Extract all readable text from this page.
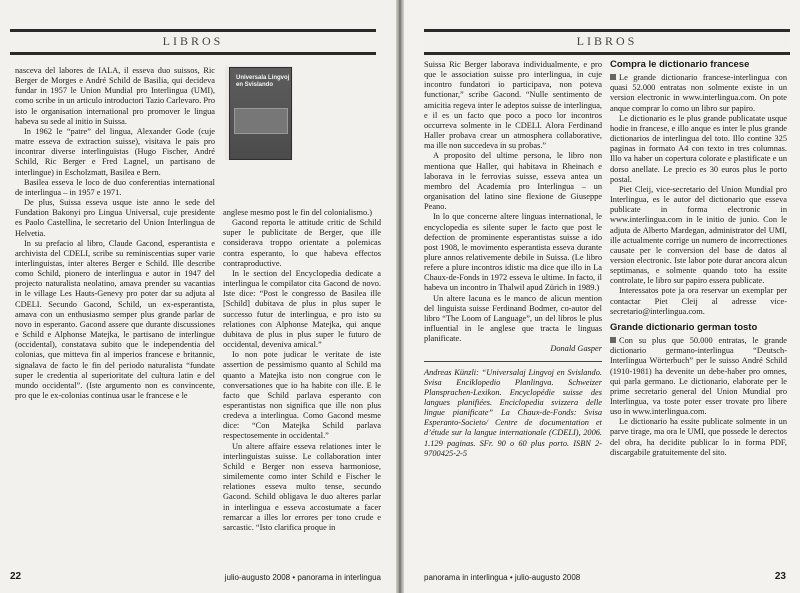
LIBROS

nasceva del labores de IALA, il esseva duo suissos, Ric Berger de Morges e André Schild de Basilia, qui decideva fundar in 1957 le Union Mundial pro Interlingua (UMI), como scribe in un articulo introductori Tazio Carlevaro. Pro isto le organisation international pro promover le lingua habeva su sede al initio in Suissa.

In 1962 le “patre” del lingua, Alexander Gode (cuje matre esseva de extraction suisse), visitava le pais pro incontrar diverse interlinguistas (Hugo Fischer, André Schild, Ric Berger e Fred Lagnel, un partisano de interlingue) in Escholzmatt, Basilea e Bern.

Basilea esseva le loco de duo conferentias international de interlingua – in 1957 e 1971.

De plus, Suissa esseva usque iste anno le sede del Fundation Bakonyi pro Lingua Universal, cuje presidente es Paolo Castellina, le secretario del Union Interlingua de Helvetia.

In su prefacio al libro, Claude Gacond, esperantista e archivista del CDELI, scribe su reminiscentias super varie interlinguistas, inter alteres Berger e Schild. Ille describe como Schild, pionero de interlingua e autor in 1947 del projecto naturalista neolatino, amava prender su vacantias in le village Les Hauts-Genevy pro poter dar su adjuta al CDELI. Secundo Gacond, Schild, un ex-esperantista, amava con un enthusiasmo semper plus grande parlar de novo in esperanto. Gacond assere que durante discussiones e Schild e Alphonse Matejka, le partisano de interlingue (occidental), constatava subito que le independentia del colonias, que mitteva fin al imperios francese e britannic, signalava de facto le fin del periodo naturalista “fundate super le credentia al superioritate del cultura latin e del mundo occidental”. (Iste argumento non es convincente, pro que le ex-colonias continua usar le francese e le

Universala Lingvoj en Svislando

anglese mesmo post le fin del colonialismo.)

Gacond reporta le attitude critic de Schild super le publicitate de Berger, que ille considerava troppo orientate a polemicas contra esperanto, lo que habeva effectos contraproductive.

In le section del Encyclopedia dedicate a interlingua le compilator cita Gacond de novo. Iste dice: “Post le congresso de Basilea ille [Schild] dubitava de plus in plus super le successo futur de interlingua, e pro isto su relationes con Alphonse Matejka, qui anque dubitava de plus in plus super le futuro de occidental, deveniva amical.”

Io non pote judicar le veritate de iste assertion de pessimismo quanto al Schild ma quanto a Matejka isto non congrue con le conversationes que io ha habite con ille. E le facto que Schild parlava esperanto con esperantistas non significa que ille non plus credeva a interlingua. Como Gacond mesme dice: “Con Matejka Schild parlava respectosemente in occidental.”

Un altere affaire esseva relationes inter le interlinguistas suisse. Le collaboration inter Schild e Berger non esseva harmoniose, similemente como inter Schild e Fischer le relationes esseva multo tense, secundo Gacond. Schild obligava le duo alteres parlar in interlingua e esseva accostumate a facer remarcar a illes lor errores per tono crude e sarcastic. “Isto clarifica proque in

22	julio-augusto 2008 • panorama in interlingua
LIBROS

Suissa Ric Berger laborava individualmente, e pro que le association suisse pro interlingua, in cuje incontro fundatori io participava, non poteva functionar,” scribe Gacond. “Nulle sentimento de amicitia regeva inter le adeptos suisse de interlingua, e il es un facto que poco a poco lor incontros occurreva solmente in le CDELI. Alora Ferdinand Haller probava crear un atmosphera collaborative, ma ille non succedeva in su probas.”

A proposito del ultime persona, le libro non mentiona que Haller, qui habitava in Rheinach e laborava in le ferrovias suisse, esseva antea un membro del Academia pro Interlingua – un organisation del latino sine flexione de Giuseppe Peano.

In lo que concerne altere linguas international, le encyclopedia es silente super le facto que post le defection de prominente esperantistas suisse a ido post 1908, le movimento esperantista esseva durante plure annos relativemente debile in Suissa. (Le libro refere a plure incontros idistic ma dice que illo in La Chaux-de-Fonds in 1972 esseva le ultime. In facto, il habeva un incontro in Thalwil apud Zürich in 1989.)

Un altere lacuna es le manco de alicun mention del linguista suisse Ferdinand Bodmer, co-autor del libro “The Loom of Language”, un del libros le plus influential in le anglese que tracta le linguas planificate.

Donald Gasper

Andreas Künzli: “Universalaj Lingvoj en Svislando. Svisa Enciklopedio Planlingva. Schweizer Plansprachen-Lexikon. Encyclopédie suisse des langues planifiées. Enciclopedia svizzera delle lingue pianificate” La Chaux-de-Fonds: Svisa Esperanto-Societo/ Centre de documentation et d’étude sur la langue internationale (CDELI), 2006. 1.129 paginas. SFr. 90 o 60 plus porto. ISBN 2-9700425-2-5

Compra le dictionario francese

Le grande dictionario francese-interlingua con quasi 52.000 entratas non solmente existe in un version electronic in www.interlingua.com. On pote anque comprar lo como un libro sur papiro.

Le dictionario es le plus grande publicatate usque hodie in francese, e illo anque es inter le plus grande dictionarios de interlingua del toto. Illo contine 325 paginas in formato A4 con texto in tres columnas. Illo va haber un copertura colorate e plastificate e un dorso anellate. Le precio es 30 euros plus le porto postal.

Piet Cleij, vice-secretario del Union Mundial pro Interlingua, es le autor del dictionario que esseva publicate in forma electronic in www.interlingua.com in le initio de junio. Con le adjuta de Alberto Mardegan, administrator del UMI, ille actualmente corrige un numero de incorrectiones causate per le conversion del base de datos al version electronic. Iste labor pote durar ancora alcun septimanas, e solmente quando toto ha essite controlate, le libro sur papiro essera publicate.

Interessatos pote ja ora reservar un exemplar per contactar Piet Cleij al adresse vice-secretario@interlingua.com.

Grande dictionario german tosto

Con su plus que 50.000 entratas, le grande dictionario germano-interlingua “Deutsch-Interlingua Wörterbuch” per le suisso André Schild (1910-1981) ha devenite un debe-haber pro omnes, qui parla germano. Le dictionario, elaborate per le prime secretario general del Union Mundial pro Interlingua, va toste poter esser trovate pro libere uso in www.interlingua.com.

Le dictionario ha essite publicate solmente in un parve tirage, ma ora le UMI, que possede le derectos del obra, ha decidite publicar lo in forma PDF, discargabile gratuitemente del sito.

panorama in interlingua • julio-augusto 2008	23
